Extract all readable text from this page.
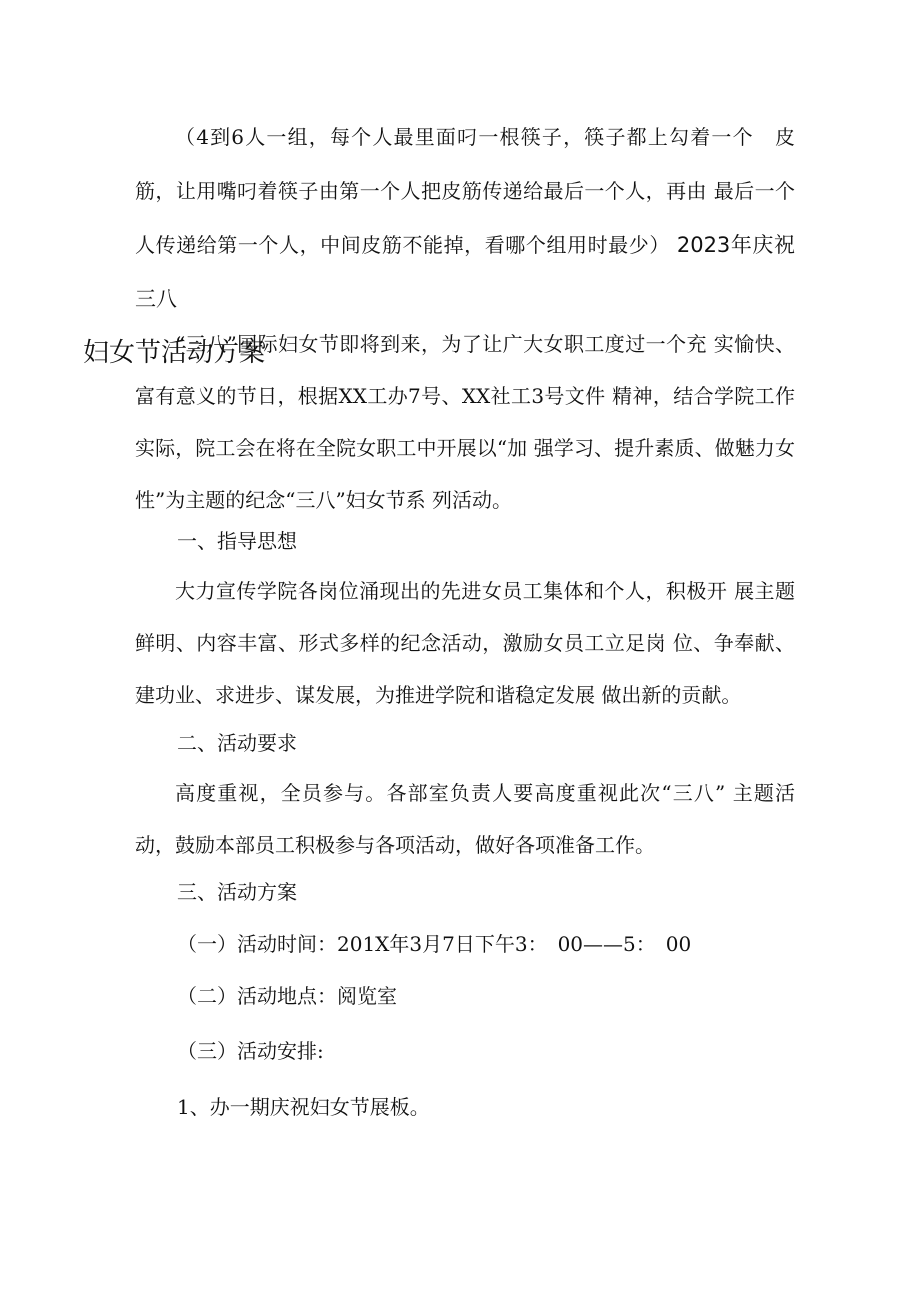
（4到6人一组，每个人最里面叼一根筷子，筷子都上勾着一个　皮筋，让用嘴叼着筷子由第一个人把皮筋传递给最后一个人，再由 最后一个人传递给第一个人，中间皮筋不能掉，看哪个组用时最少） 2023年庆祝三八
妇女节活动方案

“三八”国际妇女节即将到来，为了让广大女职工度过一个充 实愉快、富有意义的节日，根据XX工办7号、XX社工3号文件 精神，结合学院工作实际，院工会在将在全院女职工中开展以“加 强学习、提升素质、做魅力女性”为主题的纪念“三八”妇女节系 列活动。

一、指导思想

大力宣传学院各岗位涌现出的先进女员工集体和个人，积极开 展主题鲜明、内容丰富、形式多样的纪念活动，激励女员工立足岗 位、争奉献、建功业、求进步、谋发展，为推进学院和谐稳定发展 做出新的贡献。

二、活动要求

高度重视，全员参与。各部室负责人要高度重视此次“三八” 主题活动，鼓励本部员工积极参与各项活动，做好各项准备工作。

三、活动方案

（一）活动时间：201X年3月7日下午3：　00——5：　00

（二）活动地点：阅览室

（三）活动安排:

1、办一期庆祝妇女节展板。
